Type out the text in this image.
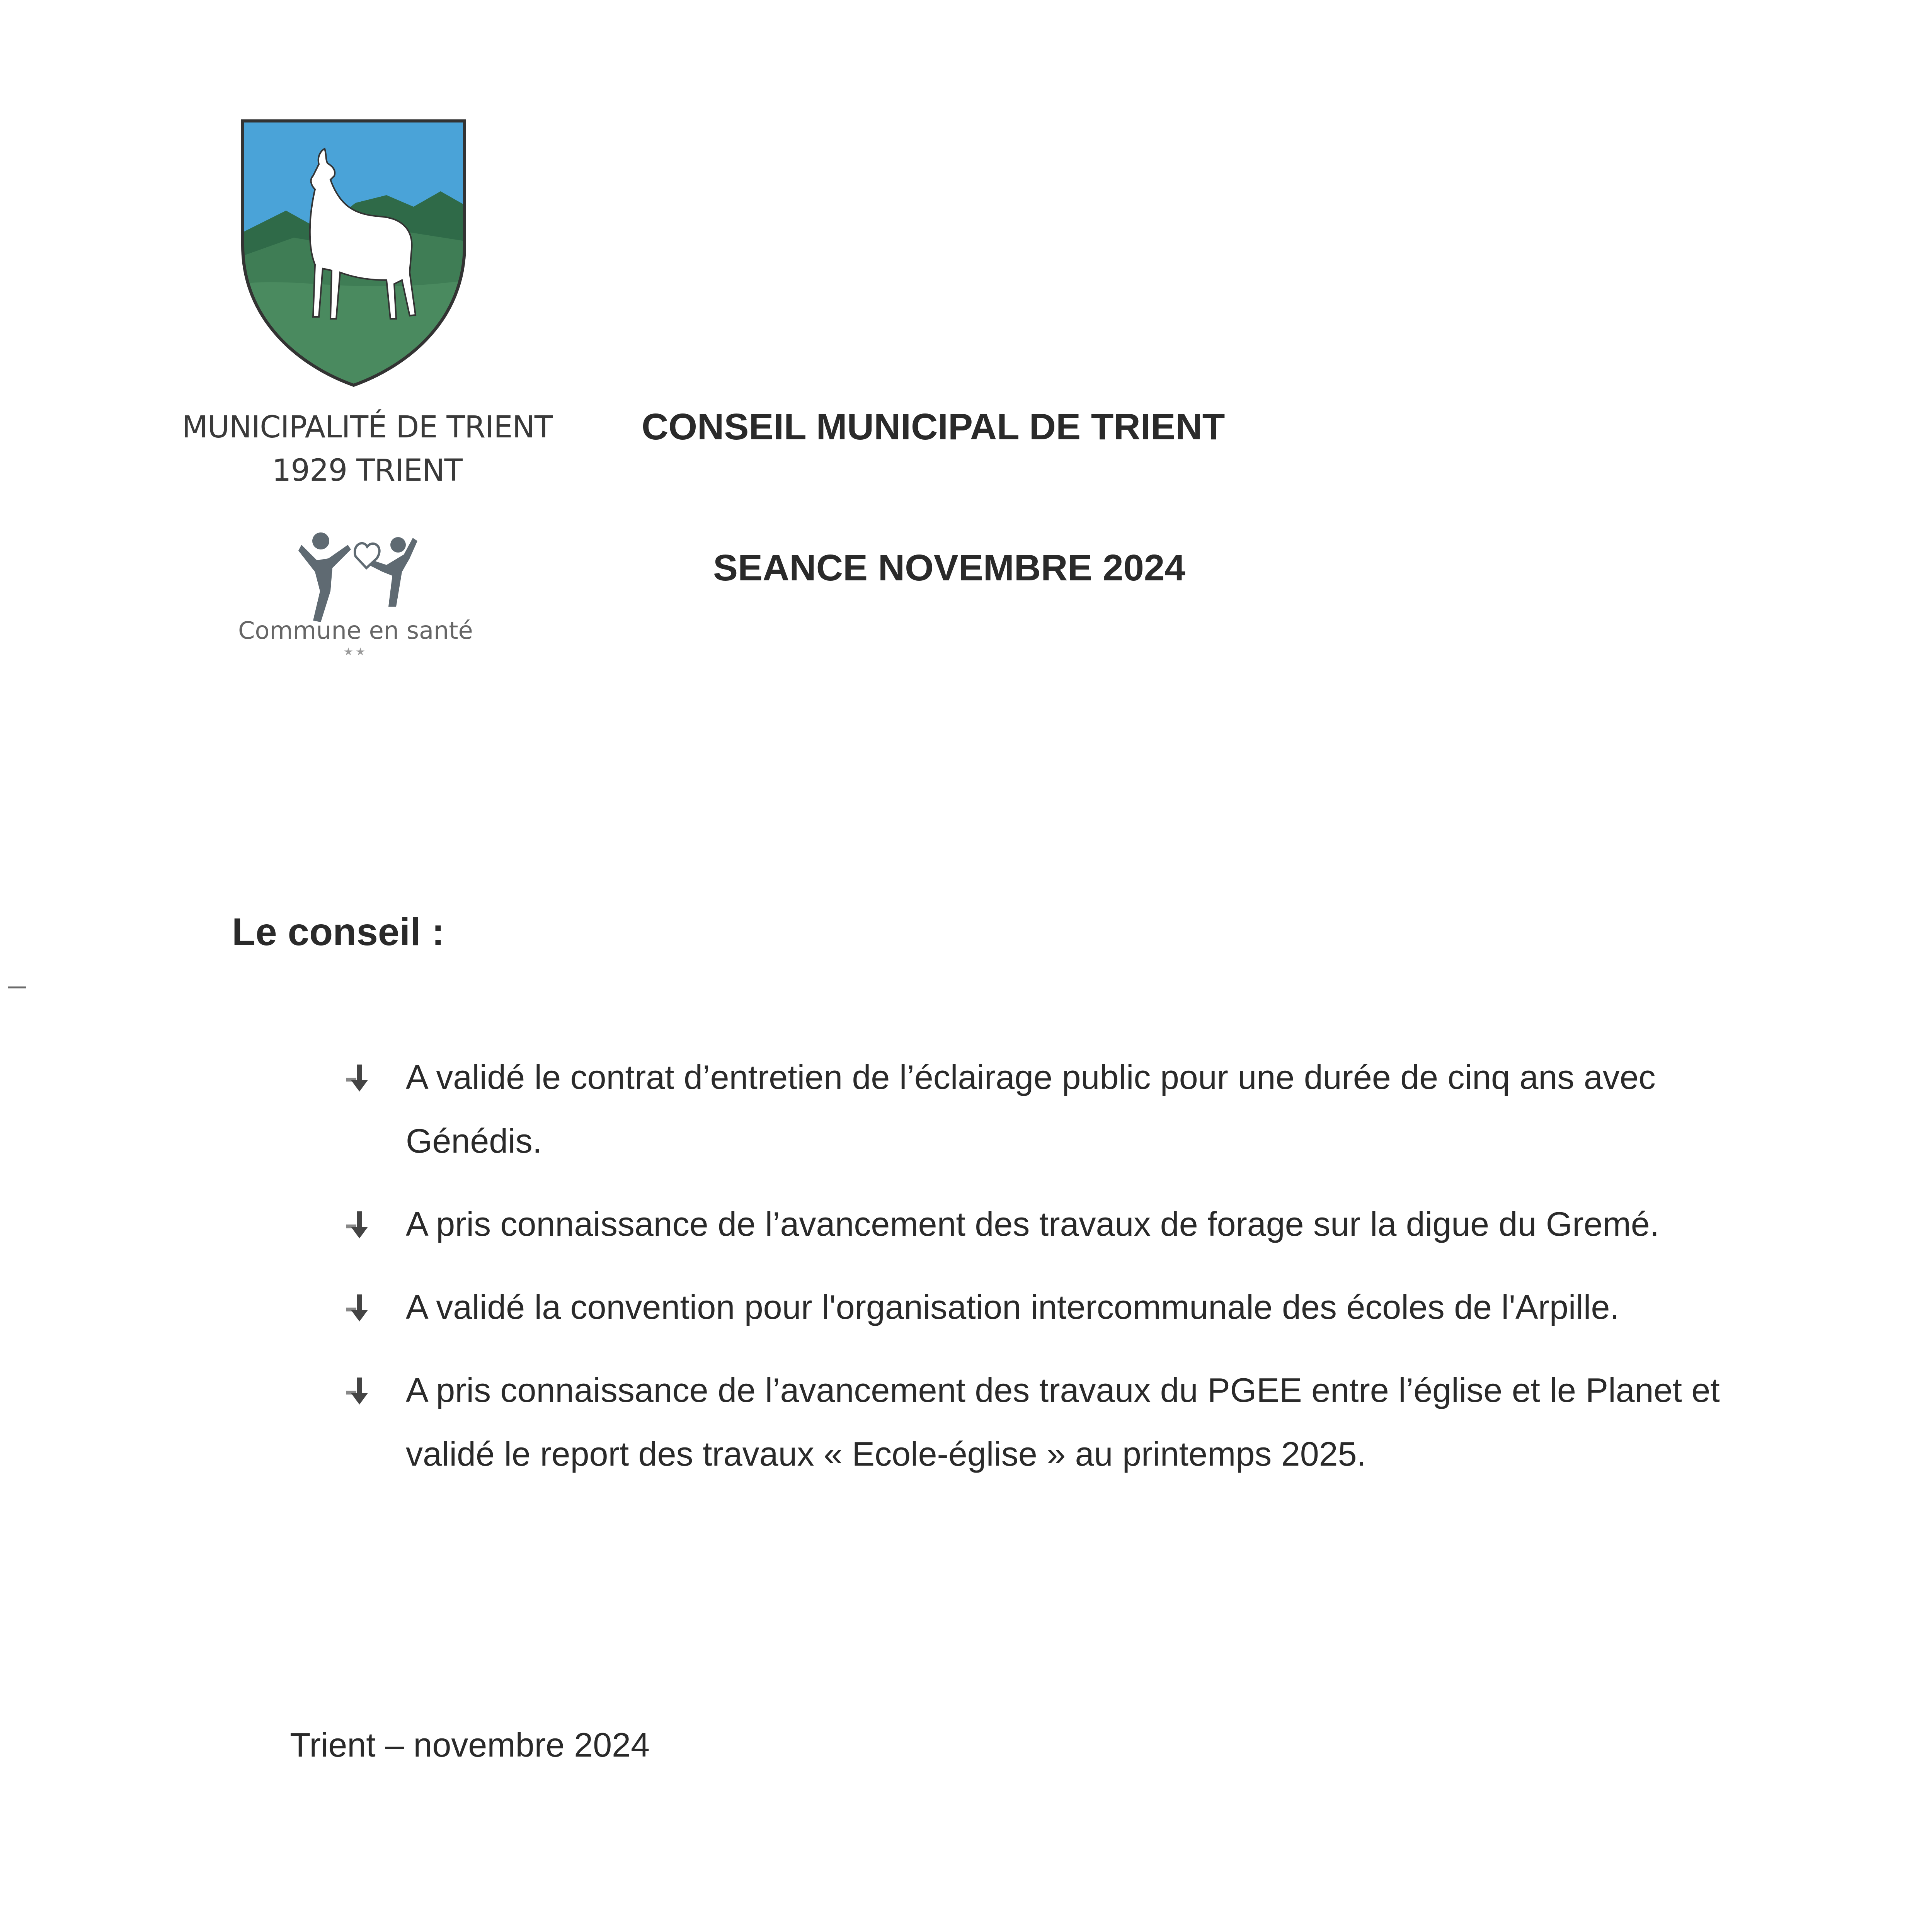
MUNICIPALITÉ DE TRIENT
1929 TRIENT
Commune en santé
★★
CONSEIL MUNICIPAL DE TRIENT
SEANCE NOVEMBRE 2024
Le conseil :
A validé le contrat d’entretien de l’éclairage public pour une durée de cinq ans avec Génédis.
A pris connaissance de l’avancement des travaux de forage sur la digue du Gremé.
A validé la convention pour l'organisation intercommunale des écoles de l'Arpille.
A pris connaissance de l’avancement des travaux du PGEE entre l’église et le Planet et validé le report des travaux « Ecole-église » au printemps 2025.
Trient – novembre 2024
